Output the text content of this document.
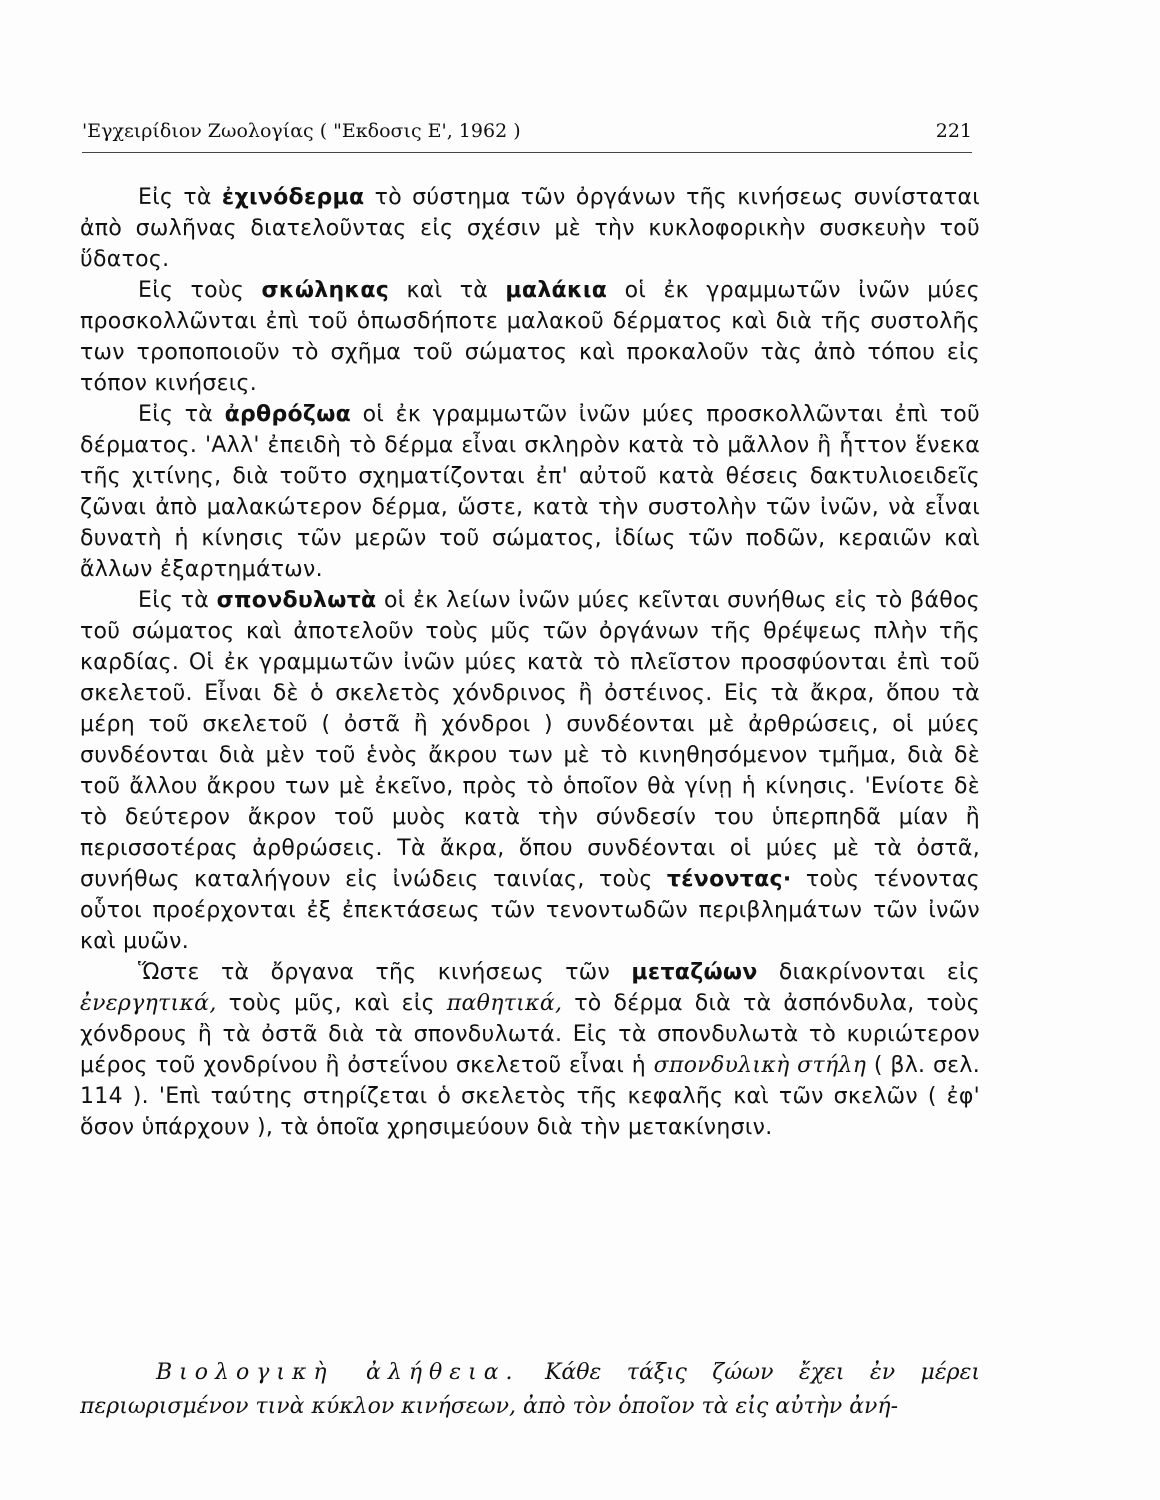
'Εγχειρίδιον Ζωολογίας ( "Εκδοσις Ε', 1962 )	221

Εἰς τὰ ἐχινόδερμα τὸ σύστημα τῶν ὀργάνων τῆς κινήσεως συνίσταται ἀπὸ σωλῆνας διατελοῦντας εἰς σχέσιν μὲ τὴν κυκλοφορικὴν συσκευὴν τοῦ ὕδατος.

Εἰς τοὺς σκώληκας καὶ τὰ μαλάκια οἱ ἐκ γραμμωτῶν ἰνῶν μύες προσκολλῶνται ἐπὶ τοῦ ὁπωσδήποτε μαλακοῦ δέρματος καὶ διὰ τῆς συστολῆς των τροποποιοῦν τὸ σχῆμα τοῦ σώματος καὶ προκαλοῦν τὰς ἀπὸ τόπου εἰς τόπον κινήσεις.

Εἰς τὰ ἀρθρόζωα οἱ ἐκ γραμμωτῶν ἰνῶν μύες προσκολλῶνται ἐπὶ τοῦ δέρματος. 'Αλλ' ἐπειδὴ τὸ δέρμα εἶναι σκληρὸν κατὰ τὸ μᾶλλον ἢ ἧττον ἕνεκα τῆς χιτίνης, διὰ τοῦτο σχηματίζονται ἐπ' αὐτοῦ κατὰ θέσεις δακτυλιοειδεῖς ζῶναι ἀπὸ μαλακώτερον δέρμα, ὥστε, κατὰ τὴν συστολὴν τῶν ἰνῶν, νὰ εἶναι δυνατὴ ἡ κίνησις τῶν μερῶν τοῦ σώματος, ἰδίως τῶν ποδῶν, κεραιῶν καὶ ἄλλων ἐξαρτημάτων.

Εἰς τὰ σπονδυλωτὰ οἱ ἐκ λείων ἰνῶν μύες κεῖνται συνήθως εἰς τὸ βάθος τοῦ σώματος καὶ ἀποτελοῦν τοὺς μῦς τῶν ὀργάνων τῆς θρέψεως πλὴν τῆς καρδίας. Οἱ ἐκ γραμμωτῶν ἰνῶν μύες κατὰ τὸ πλεῖστον προσφύονται ἐπὶ τοῦ σκελετοῦ. Εἶναι δὲ ὁ σκελετὸς χόνδρινος ἢ ὀστέινος. Εἰς τὰ ἄκρα, ὅπου τὰ μέρη τοῦ σκελετοῦ ( ὀστᾶ ἢ χόνδροι ) συνδέονται μὲ ἀρθρώσεις, οἱ μύες συνδέονται διὰ μὲν τοῦ ἑνὸς ἄκρου των μὲ τὸ κινηθησόμενον τμῆμα, διὰ δὲ τοῦ ἄλλου ἄκρου των μὲ ἐκεῖνο, πρὸς τὸ ὁποῖον θὰ γίνῃ ἡ κίνησις. 'Ενίοτε δὲ τὸ δεύτερον ἄκρον τοῦ μυὸς κατὰ τὴν σύνδεσίν του ὑπερπηδᾶ μίαν ἢ περισσοτέρας ἀρθρώσεις. Τὰ ἄκρα, ὅπου συνδέονται οἱ μύες μὲ τὰ ὀστᾶ, συνήθως καταλήγουν εἰς ἰνώδεις ταινίας, τοὺς τένοντας· τοὺς τένοντας οὗτοι προέρχονται ἐξ ἐπεκτάσεως τῶν τενοντωδῶν περιβλημάτων τῶν ἰνῶν καὶ μυῶν.

Ὥστε τὰ ὄργανα τῆς κινήσεως τῶν μεταζώων διακρίνονται εἰς ἐνεργητικά, τοὺς μῦς, καὶ εἰς παθητικά, τὸ δέρμα διὰ τὰ ἀσπόνδυλα, τοὺς χόνδρους ἢ τὰ ὀστᾶ διὰ τὰ σπονδυλωτά. Εἰς τὰ σπονδυλωτὰ τὸ κυριώτερον μέρος τοῦ χονδρίνου ἢ ὀστεΐνου σκελετοῦ εἶναι ἡ σπονδυλικὴ στήλη ( βλ. σελ. 114 ). 'Επὶ ταύτης στηρίζεται ὁ σκελετὸς τῆς κεφαλῆς καὶ τῶν σκελῶν ( ἐφ' ὅσον ὑπάρχουν ), τὰ ὁποῖα χρησιμεύουν διὰ τὴν μετακίνησιν.

Βιολογικὴ ἀλήθεια. Κάθε τάξις ζώων ἔχει ἐν μέρει περιωρισμένον τινὰ κύκλον κινήσεων, ἀπὸ τὸν ὁποῖον τὰ εἰς αὐτὴν ἀνή-
